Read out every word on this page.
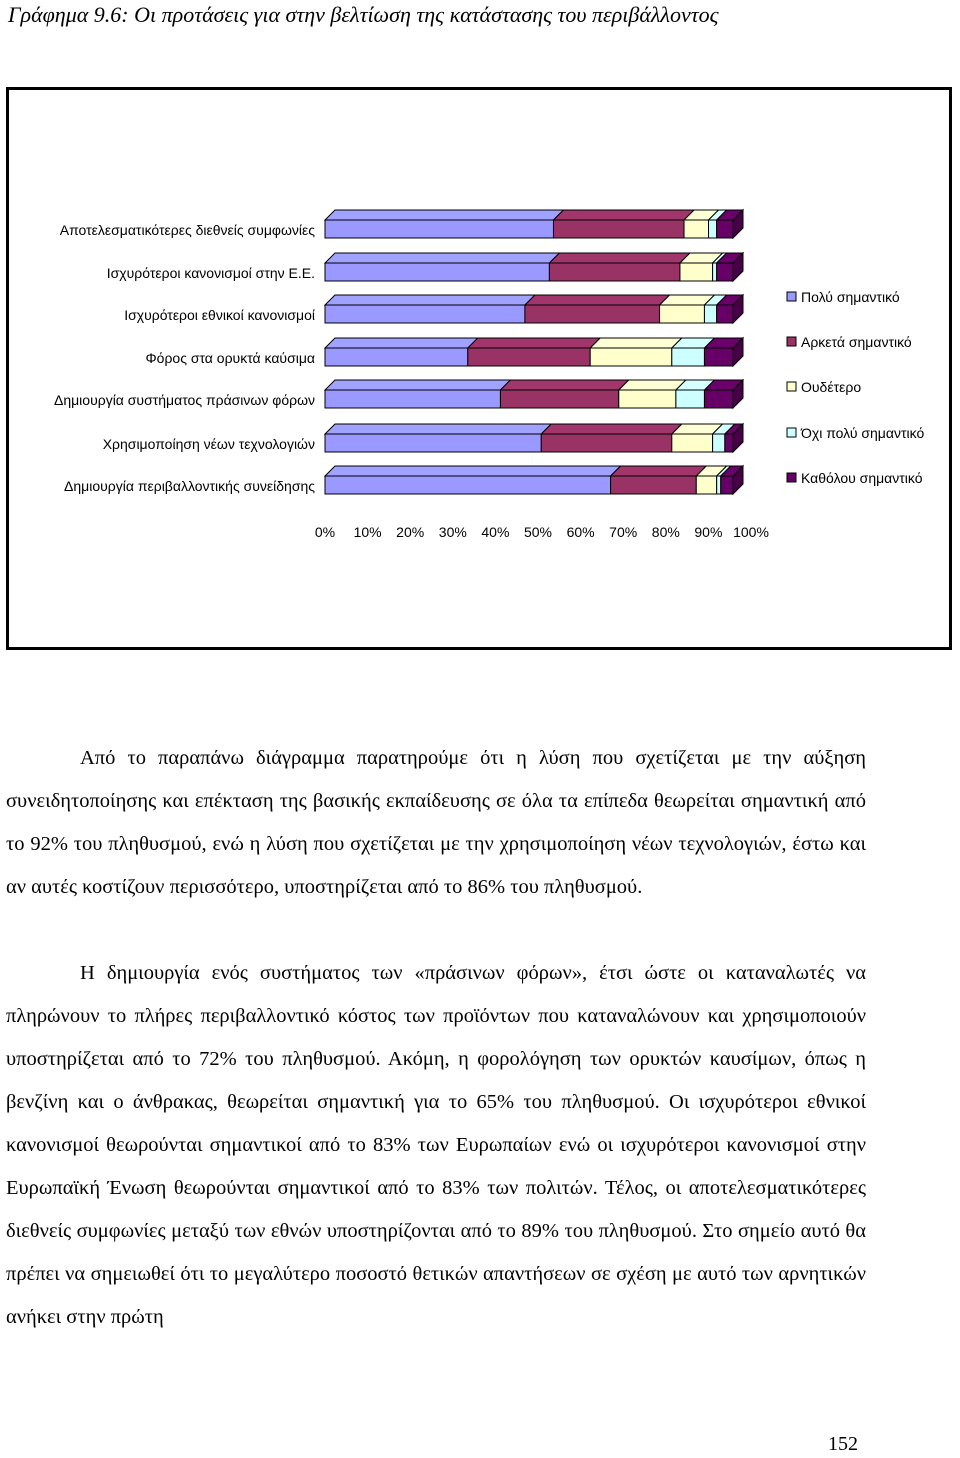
Γράφημα 9.6: Οι προτάσεις για στην βελτίωση της κατάστασης του περιβάλλοντος
Αποτελεσματικότερες διεθνείς συμφωνίες
Ισχυρότεροι κανονισμοί στην Ε.Ε.
Ισχυρότεροι εθνικοί κανονισμοί
Φόρος στα ορυκτά καύσιμα
Δημιουργία συστήματος πράσινων φόρων
Χρησιμοποίηση νέων τεχνολογιών
Δημιουργία περιβαλλοντικής συνείδησης
0% 10% 20% 30% 40% 50% 60% 70% 80% 90% 100%
Πολύ σημαντικό
Αρκετά σημαντικό
Ουδέτερο
Όχι πολύ σημαντικό
Καθόλου σημαντικό

Από το παραπάνω διάγραμμα παρατηρούμε ότι η λύση που σχετίζεται με την αύξηση συνειδητοποίησης και επέκταση της βασικής εκπαίδευσης σε όλα τα επίπεδα θεωρείται σημαντική από το 92% του πληθυσμού, ενώ η λύση που σχετίζεται με την χρησιμοποίηση νέων τεχνολογιών, έστω και αν αυτές κοστίζουν περισσότερο, υποστηρίζεται από το 86% του πληθυσμού.

Η δημιουργία ενός συστήματος των «πράσινων φόρων», έτσι ώστε οι καταναλωτές να πληρώνουν το πλήρες περιβαλλοντικό κόστος των προϊόντων που καταναλώνουν και χρησιμοποιούν υποστηρίζεται από το 72% του πληθυσμού. Ακόμη, η φορολόγηση των ορυκτών καυσίμων, όπως η βενζίνη και ο άνθρακας, θεωρείται σημαντική για το 65% του πληθυσμού. Οι ισχυρότεροι εθνικοί κανονισμοί θεωρούνται σημαντικοί από το 83% των Ευρωπαίων ενώ οι ισχυρότεροι κανονισμοί στην Ευρωπαϊκή Ένωση θεωρούνται σημαντικοί από το 83% των πολιτών. Τέλος, οι αποτελεσματικότερες διεθνείς συμφωνίες μεταξύ των εθνών υποστηρίζονται από το 89% του πληθυσμού. Στο σημείο αυτό θα πρέπει να σημειωθεί ότι το μεγαλύτερο ποσοστό θετικών απαντήσεων σε σχέση με αυτό των αρνητικών ανήκει στην πρώτη

152
